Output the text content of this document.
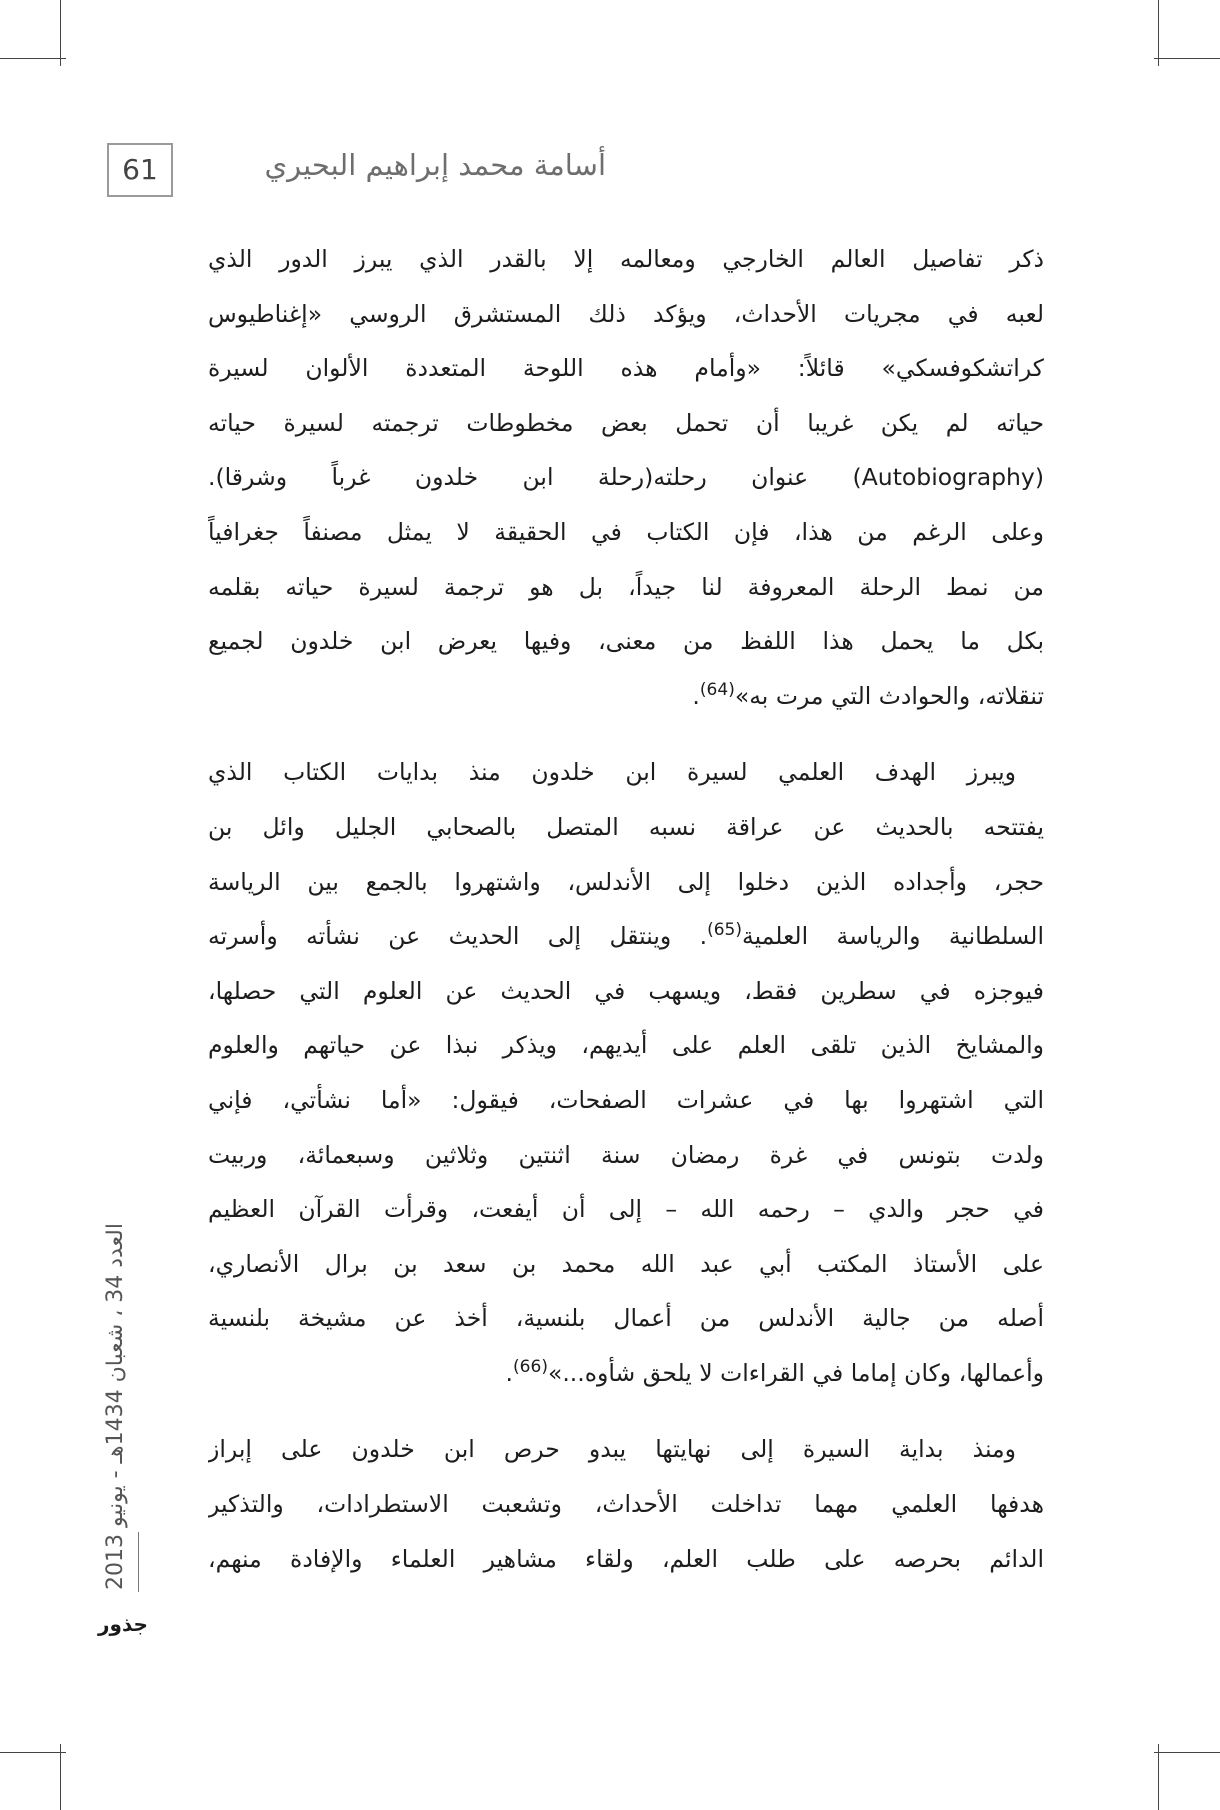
61	أسامة محمد إبراهيم البحيري

ذكر تفاصيل العالم الخارجي ومعالمه إلا بالقدر الذي يبرز الدور الذي
لعبه في مجريات الأحداث، ويؤكد ذلك المستشرق الروسي «إغناطيوس
كراتشكوفسكي» قائلاً: «وأمام هذه اللوحة المتعددة الألوان لسيرة
حياته لم يكن غريبا أن تحمل بعض مخطوطات ترجمته لسيرة حياته
(Autobiography) عنوان رحلته(رحلة ابن خلدون غرباً وشرقا).
وعلى الرغم من هذا، فإن الكتاب في الحقيقة لا يمثل مصنفاً جغرافياً
من نمط الرحلة المعروفة لنا جيداً، بل هو ترجمة لسيرة حياته بقلمه
بكل ما يحمل هذا اللفظ من معنى، وفيها يعرض ابن خلدون لجميع
تنقلاته، والحوادث التي مرت به»$^{(64)}$.

ويبرز الهدف العلمي لسيرة ابن خلدون منذ بدايات الكتاب الذي
يفتتحه بالحديث عن عراقة نسبه المتصل بالصحابي الجليل وائل بن
حجر، وأجداده الذين دخلوا إلى الأندلس، واشتهروا بالجمع بين الرياسة
السلطانية والرياسة العلمية$^{(65)}$. وينتقل إلى الحديث عن نشأته وأسرته
فيوجزه في سطرين فقط، ويسهب في الحديث عن العلوم التي حصلها،
والمشايخ الذين تلقى العلم على أيديهم، ويذكر نبذا عن حياتهم والعلوم
التي اشتهروا بها في عشرات الصفحات، فيقول: «أما نشأتي، فإني
ولدت بتونس في غرة رمضان سنة اثنتين وثلاثين وسبعمائة، وربيت
في حجر والدي – رحمه الله – إلى أن أيفعت، وقرأت القرآن العظيم
على الأستاذ المكتب أبي عبد الله محمد بن سعد بن برال الأنصاري،
أصله من جالية الأندلس من أعمال بلنسية، أخذ عن مشيخة بلنسية
وأعمالها، وكان إماما في القراءات لا يلحق شأوه...»$^{(66)}$.

ومنذ بداية السيرة إلى نهايتها يبدو حرص ابن خلدون على إبراز
هدفها العلمي مهما تداخلت الأحداث، وتشعبت الاستطرادات، والتذكير
الدائم بحرصه على طلب العلم، ولقاء مشاهير العلماء والإفادة منهم،

العدد 34 ، شعبان 1434هـ - يونيو 2013
جذور
